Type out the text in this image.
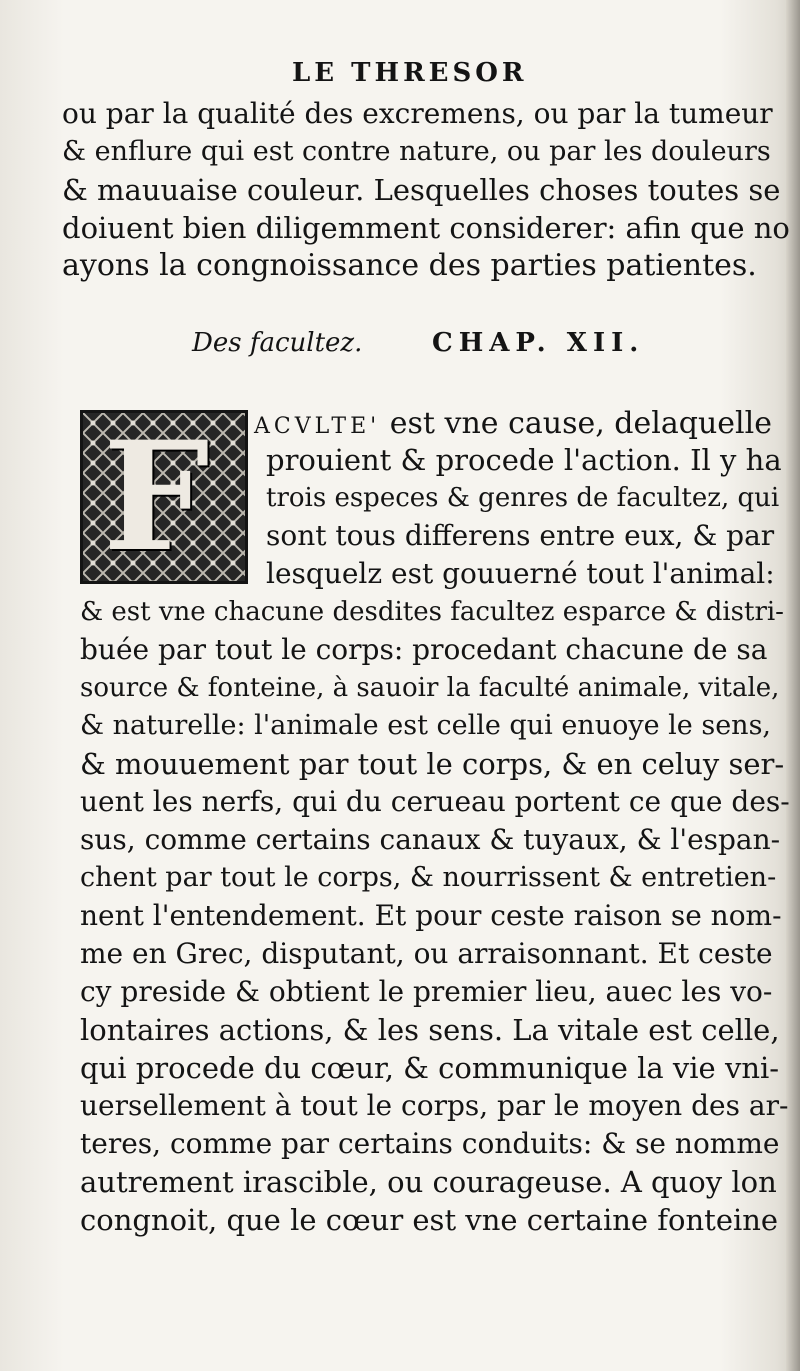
LE THRESOR
ou par la qualité des excremens, ou par la tumeur
& enflure qui est contre nature, ou par les douleurs
& mauuaise couleur. Lesquelles choses toutes se
doiuent bien diligemment considerer: afin que no
ayons la congnoissance des parties patientes.
Des facultez.	CHAP. XII.
F ACVLTE' est vne cause, delaquelle
prouient & procede l'action. Il y ha
trois especes & genres de facultez, qui
sont tous differens entre eux, & par
lesquelz est gouuerné tout l'animal:
& est vne chacune desdites facultez esparce & distri-
buée par tout le corps: procedant chacune de sa
source & fonteine, à sauoir la faculté animale, vitale,
& naturelle: l'animale est celle qui enuoye le sens,
& mouuement par tout le corps, & en celuy ser-
uent les nerfs, qui du cerueau portent ce que des-
sus, comme certains canaux & tuyaux, & l'espan-
chent par tout le corps, & nourrissent & entretien-
nent l'entendement. Et pour ceste raison se nom-
me en Grec, disputant, ou arraisonnant. Et ceste
cy preside & obtient le premier lieu, auec les vo-
lontaires actions, & les sens. La vitale est celle,
qui procede du cœur, & communique la vie vni-
uersellement à tout le corps, par le moyen des ar-
teres, comme par certains conduits: & se nomme
autrement irascible, ou courageuse. A quoy lon
congnoit, que le cœur est vne certaine fonteine
